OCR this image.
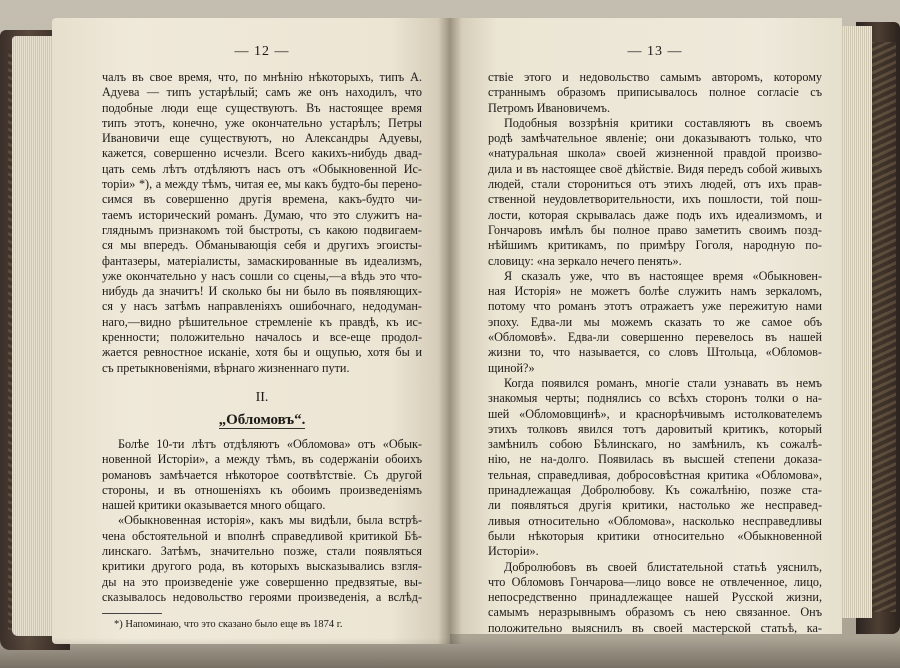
— 12 —
чалъ въ свое время, что, по мнѣнію нѣкоторыхъ, типъ А.
Адуева — типъ устарѣлый; самъ же онъ находилъ, что
подобные люди еще существуютъ. Въ настоящее время
типъ этотъ, конечно, уже окончательно устарѣлъ; Петры
Ивановичи еще существуютъ, но Александры Адуевы,
кажется, совершенно исчезли. Всего какихъ-нибудь двад-
цать семь лѣтъ отдѣляютъ насъ отъ «Обыкновенной Ис-
торіи» *), а между тѣмъ, читая ее, мы какъ будто-бы перено-
симся въ совершенно другія времена, какъ-будто чи-
таемъ исторический романъ. Думаю, что это служитъ на-
гляднымъ признакомъ той быстроты, съ какою подвигаем-
ся мы впередъ. Обманывающія себя и другихъ эгоисты-
фантазеры, матеріалисты, замаскированные въ идеализмъ,
уже окончательно у насъ сошли со сцены,—а вѣдь это что-
нибудь да значитъ! И сколько бы ни было въ появляющих-
ся у насъ затѣмъ направленіяхъ ошибочнаго, недодуман-
наго,—видно рѣшительное стремленіе къ правдѣ, къ ис-
кренности; положительно началось и все-еще продол-
жается ревностное исканіе, хотя бы и ощупью, хотя бы и
съ претыкновеніями, вѣрнаго жизненнаго пути.
II.
„Обломовъ“.
Болѣе 10-ти лѣтъ отдѣляютъ «Обломова» отъ «Обык-
новенной Исторіи», а между тѣмъ, въ содержаніи обоихъ
романовъ замѣчается нѣкоторое соотвѣтствіе. Съ другой
стороны, и въ отношеніяхъ къ обоимъ произведеніямъ
нашей критики оказывается много общаго.
«Обыкновенная исторія», какъ мы видѣли, была встрѣ-
чена обстоятельной и вполнѣ справедливой критикой Бѣ-
линскаго. Затѣмъ, значительно позже, стали появляться
критики другого рода, въ которыхъ высказывались взгля-
ды на это произведеніе уже совершенно предвзятые, вы-
сказывалось недовольство героями произведенія, а вслѣд-
*) Напоминаю, что это сказано было еще въ 1874 г.
— 13 —
ствіе этого и недовольство самымъ авторомъ, которому
страннымъ образомъ приписывалось полное согласіе съ
Петромъ Ивановичемъ.
Подобныя воззрѣнія критики составляютъ въ своемъ
родѣ замѣчательное явленіе; они доказываютъ только, что
«натуральная школа» своей жизненной правдой произво-
дила и въ настоящее своё дѣйствіе. Видя передъ собой живыхъ
людей, стали сторониться отъ этихъ людей, отъ ихъ прав-
ственной неудовлетворительности, ихъ пошлости, той пош-
лости, которая скрывалась даже подъ ихъ идеализмомъ, и
Гончаровъ имѣлъ бы полное право заметить своимъ позд-
нѣйшимъ критикамъ, по примѣру Гоголя, народную по-
словицу: «на зеркало нечего пенять».
Я сказалъ уже, что въ настоящее время «Обыкновен-
ная Исторія» не можетъ болѣе служить намъ зеркаломъ,
потому что романъ этотъ отражаетъ уже пережитую нами
эпоху. Едва-ли мы можемъ сказать то же самое объ
«Обломовѣ». Едва-ли совершенно перевелось въ нашей
жизни то, что называется, со словъ Штольца, «Обломов-
щиной?»
Когда появился романъ, многіе стали узнавать въ немъ
знакомыя черты; поднялись со всѣхъ сторонъ толки о на-
шей «Обломовщинѣ», и краснорѣчивымъ истолкователемъ
этихъ толковъ явился тотъ даровитый критикъ, который
замѣнилъ собою Бѣлинскаго, но замѣнилъ, къ сожалѣ-
нію, не на-долго. Появилась въ высшей степени доказа-
тельная, справедливая, добросовѣстная критика «Обломова»,
принадлежащая Добролюбову. Къ сожалѣнію, позже ста-
ли появляться другія критики, настолько же несправед-
ливыя относительно «Обломова», насколько несправедливы
были нѣкоторыя критики относительно «Обыкновенной
Исторіи».
Добролюбовъ въ своей блистательной статьѣ уяснилъ,
что Обломовъ Гончарова—лицо вовсе не отвлеченное, лицо,
непосредственно принадлежащее нашей Русской жизни,
самымъ неразрывнымъ образомъ съ нею связанное. Онъ
положительно выяснилъ въ своей мастерской статьѣ, ка-
